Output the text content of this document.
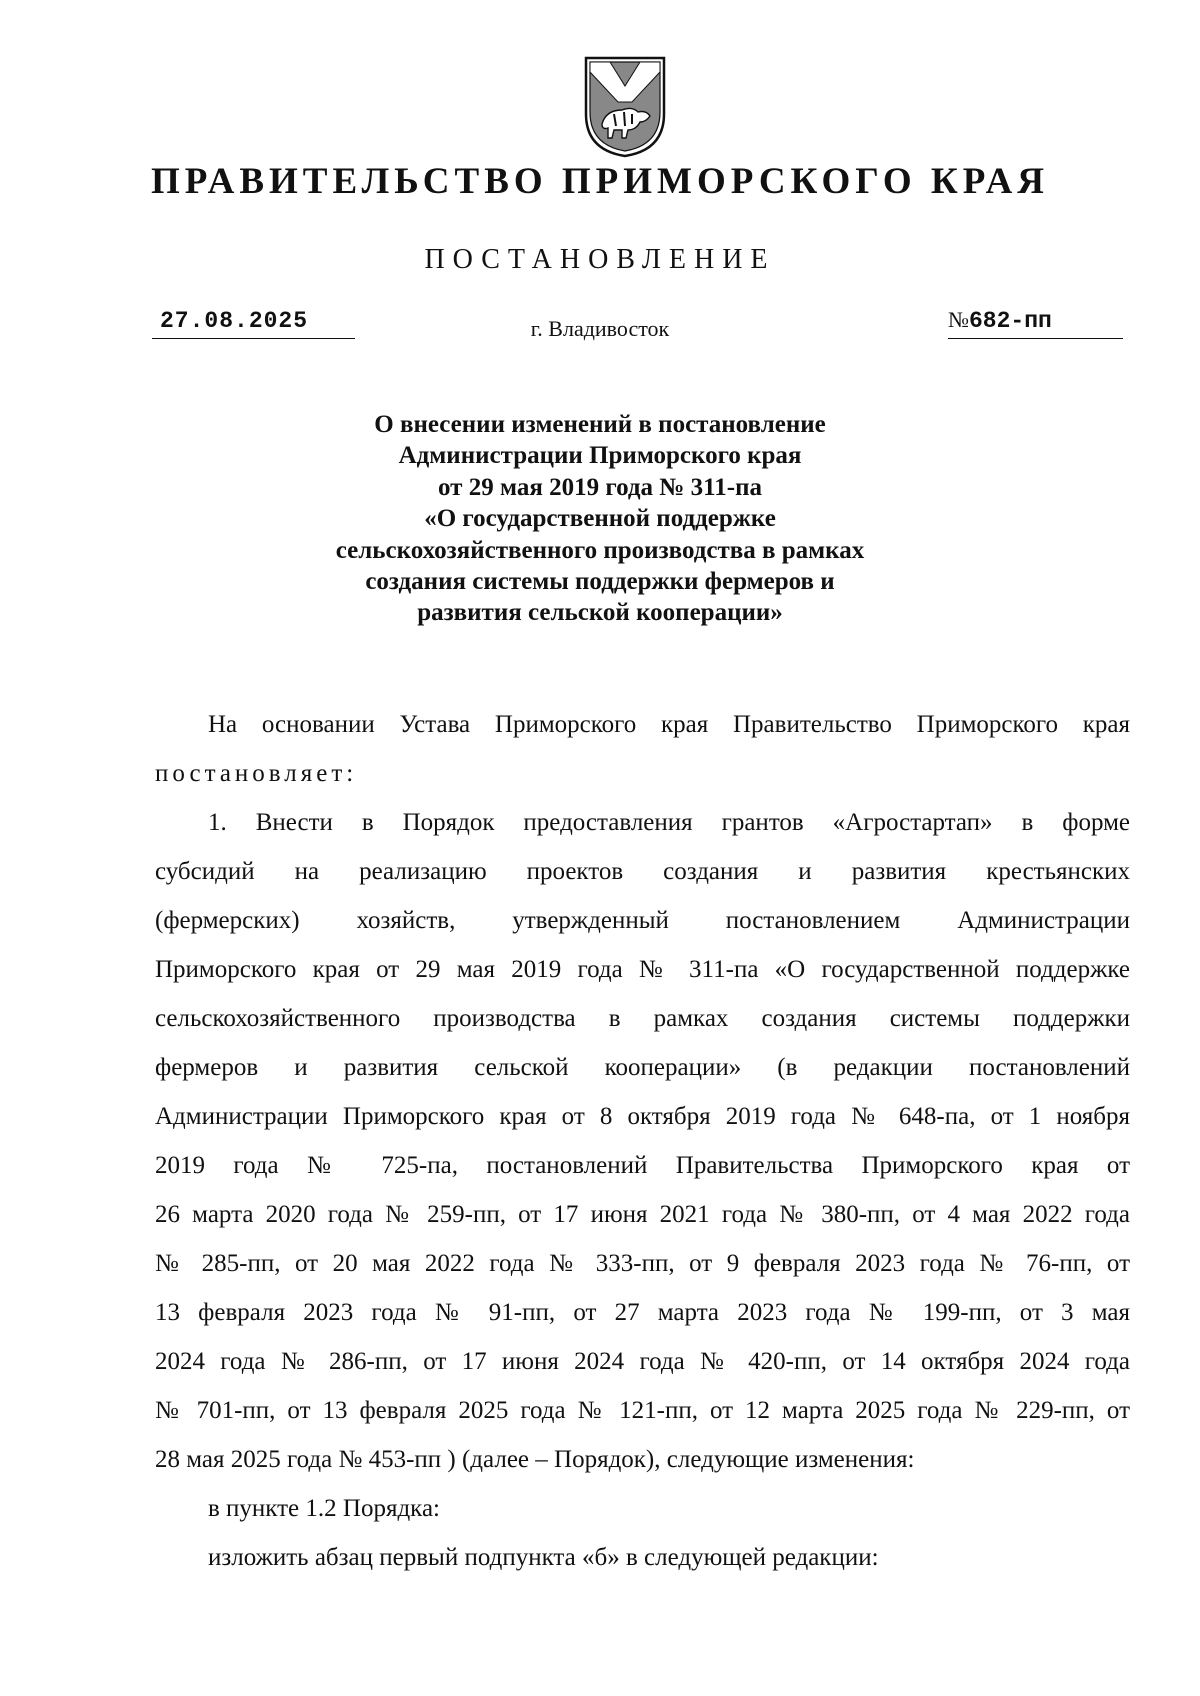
ПРАВИТЕЛЬСТВО ПРИМОРСКОГО КРАЯ
ПОСТАНОВЛЕНИЕ
27.08.2025	г. Владивосток	№682-пп
О внесении изменений в постановление
Администрации Приморского края
от 29 мая 2019 года № 311-па
«О государственной поддержке
сельскохозяйственного производства в рамках
создания системы поддержки фермеров и
развития сельской кооперации»
На основании Устава Приморского края Правительство Приморского края
постановляет:
1. Внести в Порядок предоставления грантов «Агростартап» в форме
субсидий на реализацию проектов создания и развития крестьянских
(фермерских) хозяйств, утвержденный постановлением Администрации
Приморского края от 29 мая 2019 года № 311-па «О государственной поддержке
сельскохозяйственного производства в рамках создания системы поддержки
фермеров и развития сельской кооперации» (в редакции постановлений
Администрации Приморского края от 8 октября 2019 года № 648-па, от 1 ноября
2019 года № 725-па, постановлений Правительства Приморского края от
26 марта 2020 года № 259-пп, от 17 июня 2021 года № 380-пп, от 4 мая 2022 года
№ 285-пп, от 20 мая 2022 года № 333-пп, от 9 февраля 2023 года № 76-пп, от
13 февраля 2023 года № 91-пп, от 27 марта 2023 года № 199-пп, от 3 мая
2024 года № 286-пп, от 17 июня 2024 года № 420-пп, от 14 октября 2024 года
№ 701-пп, от 13 февраля 2025 года № 121-пп, от 12 марта 2025 года № 229-пп, от
28 мая 2025 года № 453-пп ) (далее – Порядок), следующие изменения:
в пункте 1.2 Порядка:
изложить абзац первый подпункта «б» в следующей редакции:
